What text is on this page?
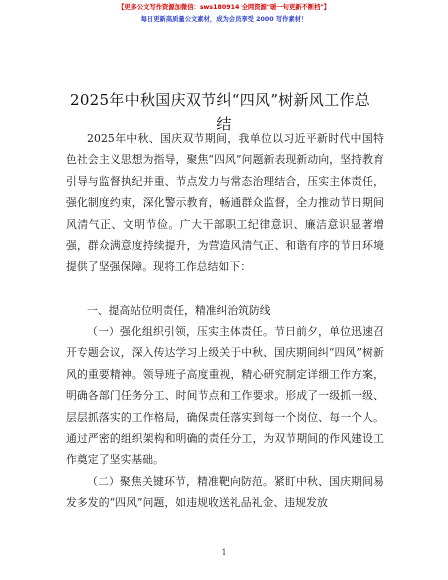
【更多公文写作资源加微信：sws180914 全网资源"暖一句更新不断档"】
每日更新高质量公文素材，成为会员享受 2000 写作素材！
2025年中秋国庆双节纠“四风”树新风工作总
结
2025年中秋、国庆双节期间，我单位以习近平新时代中国特色社会主义思想为指导，聚焦“四风”问题新表现新动向，坚持教育引导与监督执纪并重、节点发力与常态治理结合，压实主体责任，强化制度约束，深化警示教育，畅通群众监督，全力推动节日期间风清气正、文明节俭。广大干部职工纪律意识、廉洁意识显著增强，群众满意度持续提升，为营造风清气正、和谐有序的节日环境提供了坚强保障。现将工作总结如下：
一、提高站位明责任，精准纠治筑防线
（一）强化组织引领，压实主体责任。节日前夕，单位迅速召开专题会议，深入传达学习上级关于中秋、国庆期间纠“四风”树新风的重要精神。领导班子高度重视，精心研究制定详细工作方案，明确各部门任务分工、时间节点和工作要求。形成了一级抓一级、层层抓落实的工作格局，确保责任落实到每一个岗位、每一个人。通过严密的组织架构和明确的责任分工，为双节期间的作风建设工作奠定了坚实基础。
（二）聚焦关键环节，精准靶向防范。紧盯中秋、国庆期间易发多发的“四风”问题，如违规收送礼品礼金、违规发放
1
